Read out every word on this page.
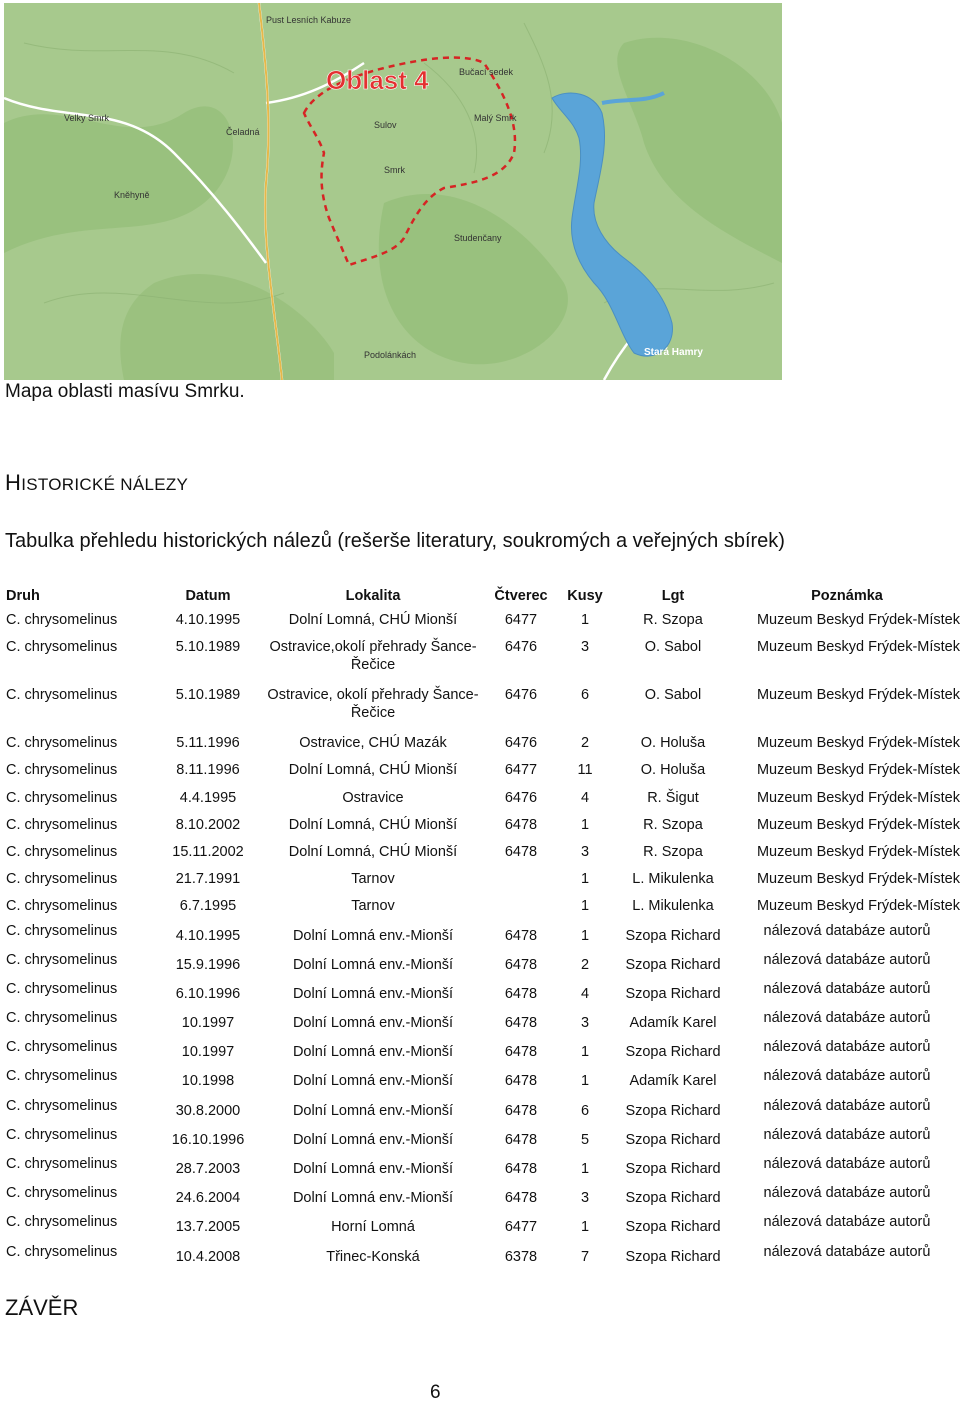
Oblast 4
Pust Lesních Kabuze
Bučací sedek
Sulov
Malý Smrk
Velky Smrk
Čeladná
Smrk
Studenčany
Kněhyně
Podolánkách	Stará Hamry
Mapa oblasti masívu Smrku.
HISTORICKÉ NÁLEZY
Tabulka přehledu historických nálezů (rešerše literatury, soukromých a veřejných sbírek)
Druh	Datum	Lokalita	Čtverec	Kusy	Lgt	Poznámka
C. chrysomelinus	4.10.1995	Dolní Lomná, CHÚ Mionší	6477	1	R. Szopa	Muzeum Beskyd Frýdek-Místek
C. chrysomelinus	5.10.1989	Ostravice,okolí přehrady Šance-Řečice	6476	3	O. Sabol	Muzeum Beskyd Frýdek-Místek
C. chrysomelinus	5.10.1989	Ostravice, okolí přehrady Šance-Řečice	6476	6	O. Sabol	Muzeum Beskyd Frýdek-Místek
C. chrysomelinus	5.11.1996	Ostravice, CHÚ Mazák	6476	2	O. Holuša	Muzeum Beskyd Frýdek-Místek
C. chrysomelinus	8.11.1996	Dolní Lomná, CHÚ Mionší	6477	11	O. Holuša	Muzeum Beskyd Frýdek-Místek
C. chrysomelinus	4.4.1995	Ostravice	6476	4	R. Šigut	Muzeum Beskyd Frýdek-Místek
C. chrysomelinus	8.10.2002	Dolní Lomná, CHÚ Mionší	6478	1	R. Szopa	Muzeum Beskyd Frýdek-Místek
C. chrysomelinus	15.11.2002	Dolní Lomná, CHÚ Mionší	6478	3	R. Szopa	Muzeum Beskyd Frýdek-Místek
C. chrysomelinus	21.7.1991	Tarnov		1	L. Mikulenka	Muzeum Beskyd Frýdek-Místek
C. chrysomelinus	6.7.1995	Tarnov		1	L. Mikulenka	Muzeum Beskyd Frýdek-Místek
C. chrysomelinus	4.10.1995	Dolní Lomná env.-Mionší	6478	1	Szopa Richard	nálezová databáze autorů
C. chrysomelinus	15.9.1996	Dolní Lomná env.-Mionší	6478	2	Szopa Richard	nálezová databáze autorů
C. chrysomelinus	6.10.1996	Dolní Lomná env.-Mionší	6478	4	Szopa Richard	nálezová databáze autorů
C. chrysomelinus	10.1997	Dolní Lomná env.-Mionší	6478	3	Adamík Karel	nálezová databáze autorů
C. chrysomelinus	10.1997	Dolní Lomná env.-Mionší	6478	1	Szopa Richard	nálezová databáze autorů
C. chrysomelinus	10.1998	Dolní Lomná env.-Mionší	6478	1	Adamík Karel	nálezová databáze autorů
C. chrysomelinus	30.8.2000	Dolní Lomná env.-Mionší	6478	6	Szopa Richard	nálezová databáze autorů
C. chrysomelinus	16.10.1996	Dolní Lomná env.-Mionší	6478	5	Szopa Richard	nálezová databáze autorů
C. chrysomelinus	28.7.2003	Dolní Lomná env.-Mionší	6478	1	Szopa Richard	nálezová databáze autorů
C. chrysomelinus	24.6.2004	Dolní Lomná env.-Mionší	6478	3	Szopa Richard	nálezová databáze autorů
C. chrysomelinus	13.7.2005	Horní Lomná	6477	1	Szopa Richard	nálezová databáze autorů
C. chrysomelinus	10.4.2008	Třinec-Konská	6378	7	Szopa Richard	nálezová databáze autorů
ZÁVĚR
6
